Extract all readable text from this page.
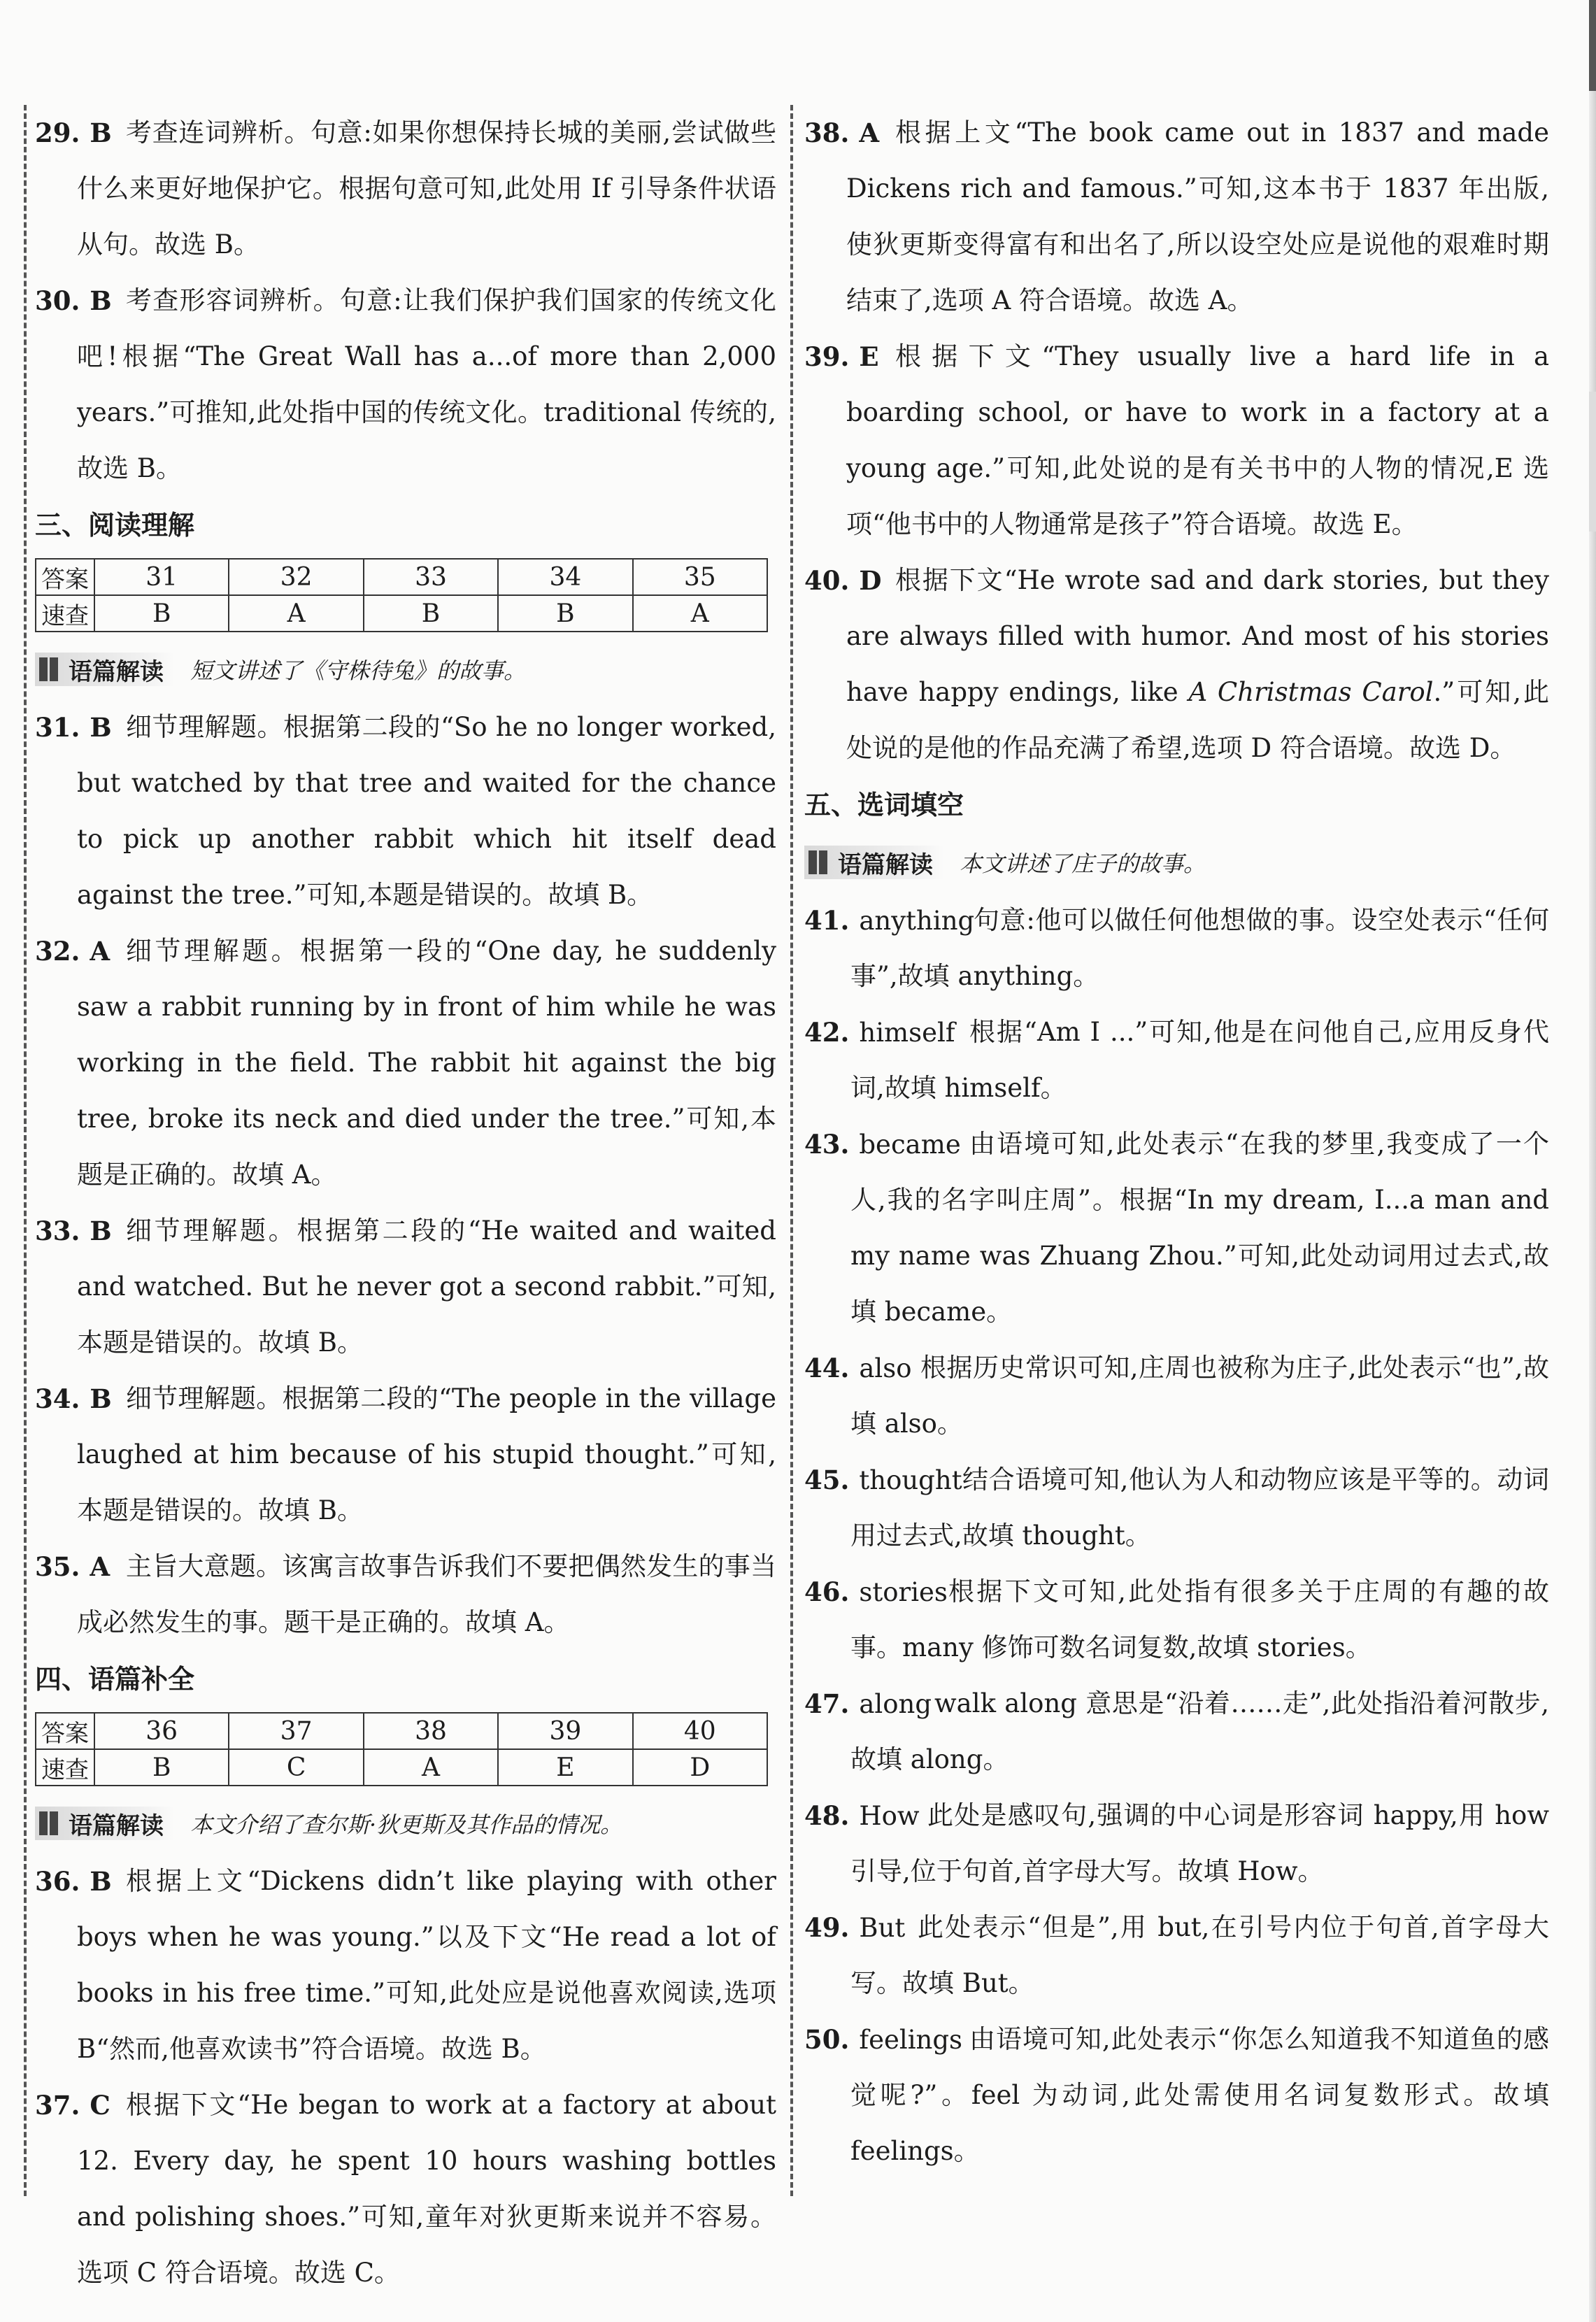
29. B 考查连词辨析。句意:如果你想保持长城的美丽,尝试做些什么来更好地保护它。根据句意可知,此处用 If 引导条件状语从句。故选 B。
30. B 考查形容词辨析。句意:让我们保护我们国家的传统文化吧!根据“The Great Wall has a...of more than 2,000 years.”可推知,此处指中国的传统文化。traditional 传统的,故选 B。
三、阅读理解
答案	31	32	33	34	35
速查	B	A	B	B	A
语篇解读 短文讲述了《守株待兔》的故事。
31. B 细节理解题。根据第二段的“So he no longer worked, but watched by that tree and waited for the chance to pick up another rabbit which hit itself dead against the tree.”可知,本题是错误的。故填 B。
32. A 细节理解题。根据第一段的“One day, he suddenly saw a rabbit running by in front of him while he was working in the field. The rabbit hit against the big tree, broke its neck and died under the tree.”可知,本题是正确的。故填 A。
33. B 细节理解题。根据第二段的“He waited and waited and watched. But he never got a second rabbit.”可知,本题是错误的。故填 B。
34. B 细节理解题。根据第二段的“The people in the village laughed at him because of his stupid thought.”可知,本题是错误的。故填 B。
35. A 主旨大意题。该寓言故事告诉我们不要把偶然发生的事当成必然发生的事。题干是正确的。故填 A。
四、语篇补全
答案	36	37	38	39	40
速查	B	C	A	E	D
语篇解读 本文介绍了查尔斯·狄更斯及其作品的情况。
36. B 根据上文“Dickens didn’t like playing with other boys when he was young.”以及下文“He read a lot of books in his free time.”可知,此处应是说他喜欢阅读,选项 B“然而,他喜欢读书”符合语境。故选 B。
37. C 根据下文“He began to work at a factory at about 12. Every day, he spent 10 hours washing bottles and polishing shoes.”可知,童年对狄更斯来说并不容易。选项 C 符合语境。故选 C。
38. A 根据上文“The book came out in 1837 and made Dickens rich and famous.”可知,这本书于 1837 年出版,使狄更斯变得富有和出名了,所以设空处应是说他的艰难时期结束了,选项 A 符合语境。故选 A。
39. E 根据下文“They usually live a hard life in a boarding school, or have to work in a factory at a young age.”可知,此处说的是有关书中的人物的情况,E 选项“他书中的人物通常是孩子”符合语境。故选 E。
40. D 根据下文“He wrote sad and dark stories, but they are always filled with humor. And most of his stories have happy endings, like A Christmas Carol.”可知,此处说的是他的作品充满了希望,选项 D 符合语境。故选 D。
五、选词填空
语篇解读 本文讲述了庄子的故事。
41. anything
句意:他可以做任何他想做的事。设空处表示“任何事”,故填 anything。
42. himself 根据“Am I ...”可知,他是在问他自己,应用反身代词,故填 himself。
43. became 由语境可知,此处表示“在我的梦里,我变成了一个人,我的名字叫庄周”。根据“In my dream, I...a man and my name was Zhuang Zhou.”可知,此处动词用过去式,故填 became。
44. also 根据历史常识可知,庄周也被称为庄子,此处表示“也”,故填 also。
45. thought 结合语境可知,他认为人和动物应该是平等的。动词用过去式,故填 thought。
46. stories 根据下文可知,此处指有很多关于庄周的有趣的故事。many 修饰可数名词复数,故填 stories。
47. along walk along 意思是“沿着……走”,此处指沿着河散步,故填 along。
48. How 此处是感叹句,强调的中心词是形容词 happy,用 how 引导,位于句首,首字母大写。故填 How。
49. But 此处表示“但是”,用 but,在引号内位于句首,首字母大写。故填 But。
50. feelings 由语境可知,此处表示“你怎么知道我不知道鱼的感觉呢?”。feel 为动词,此处需使用名词复数形式。故填 feelings。
